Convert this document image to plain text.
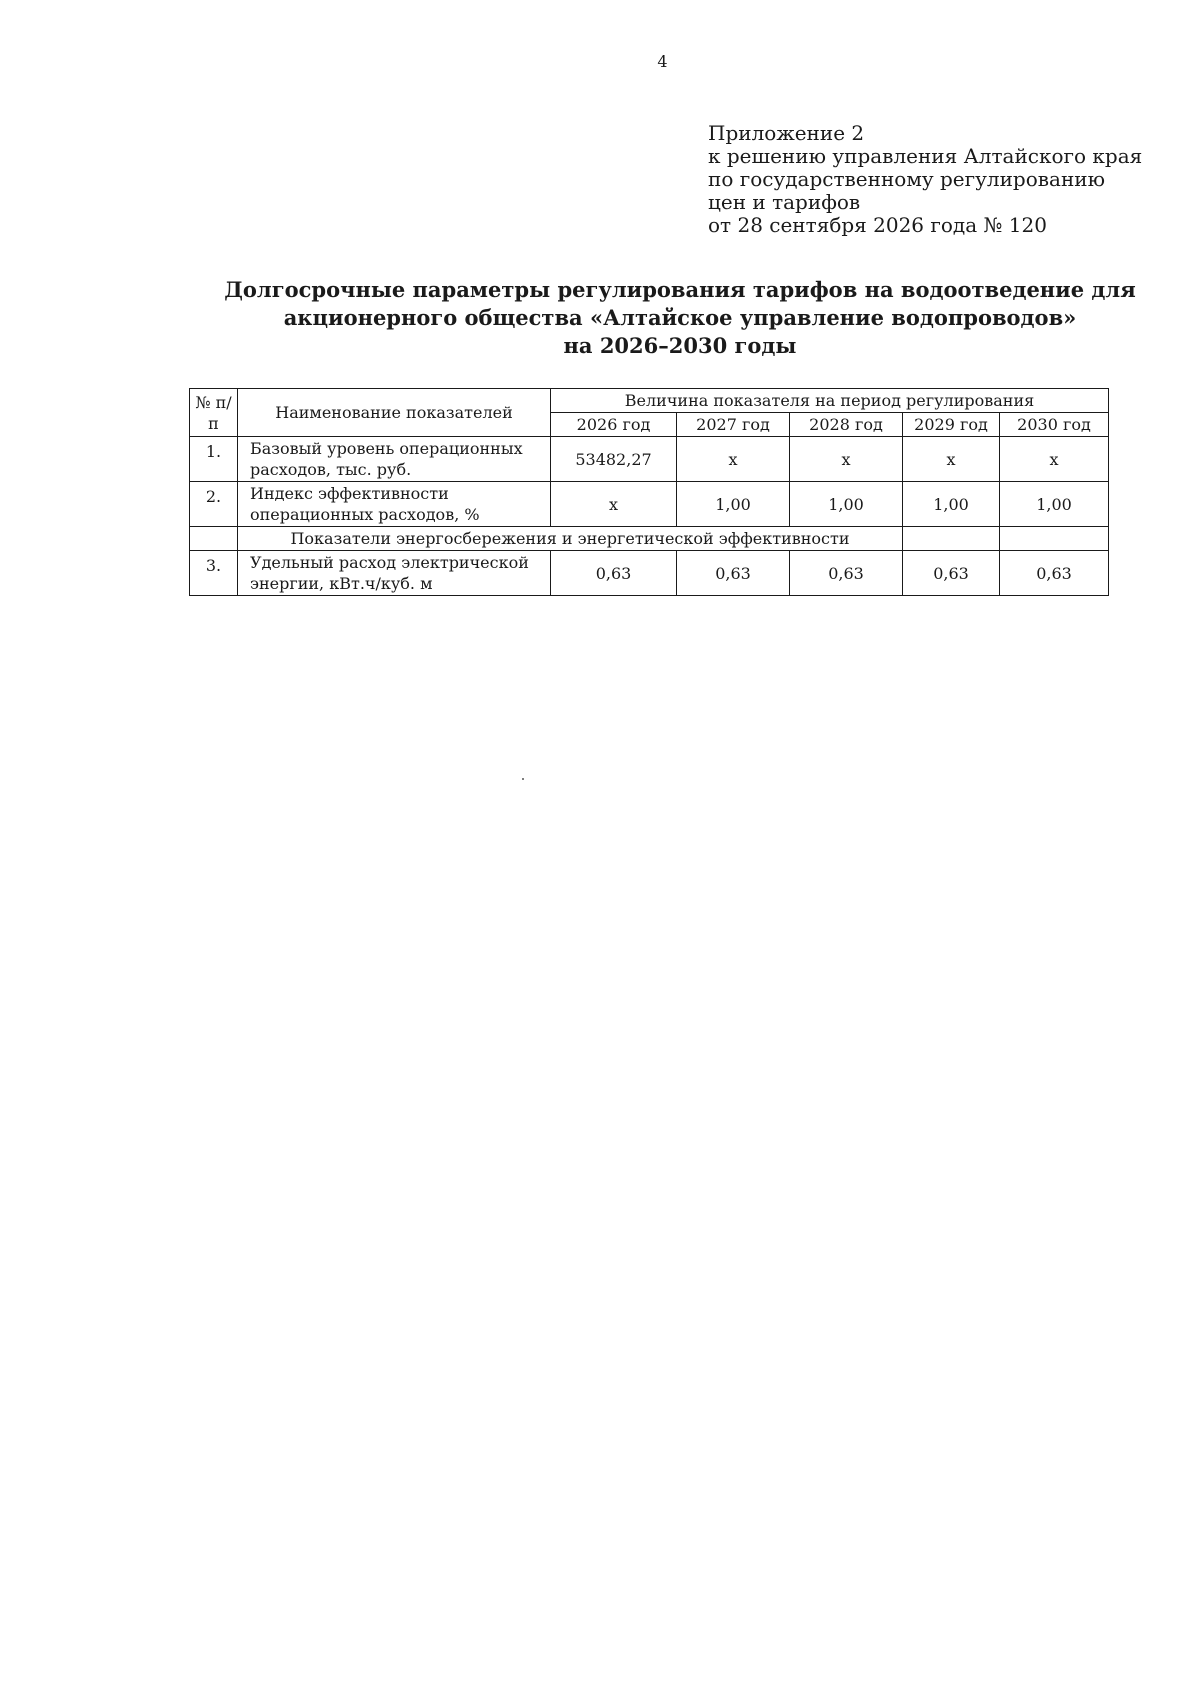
4
Приложение 2
к решению управления Алтайского края
по государственному регулированию
цен и тарифов
от 28 сентября 2026 года № 120
Долгосрочные параметры регулирования тарифов на водоотведение для
акционерного общества «Алтайское управление водопроводов»
на 2026–2030 годы
№ п/п	Наименование показателей	Величина показателя на период регулирования				
		2026 год	2027 год	2028 год	2029 год	2030 год
1.	Базовый уровень операционных расходов, тыс. руб.	53482,27	х	х	х	х
2.	Индекс эффективности операционных расходов, %	х	1,00	1,00	1,00	1,00
	Показатели энергосбережения и энергетической эффективности					
3.	Удельный расход электрической энергии, кВт.ч/куб. м	0,63	0,63	0,63	0,63	0,63
